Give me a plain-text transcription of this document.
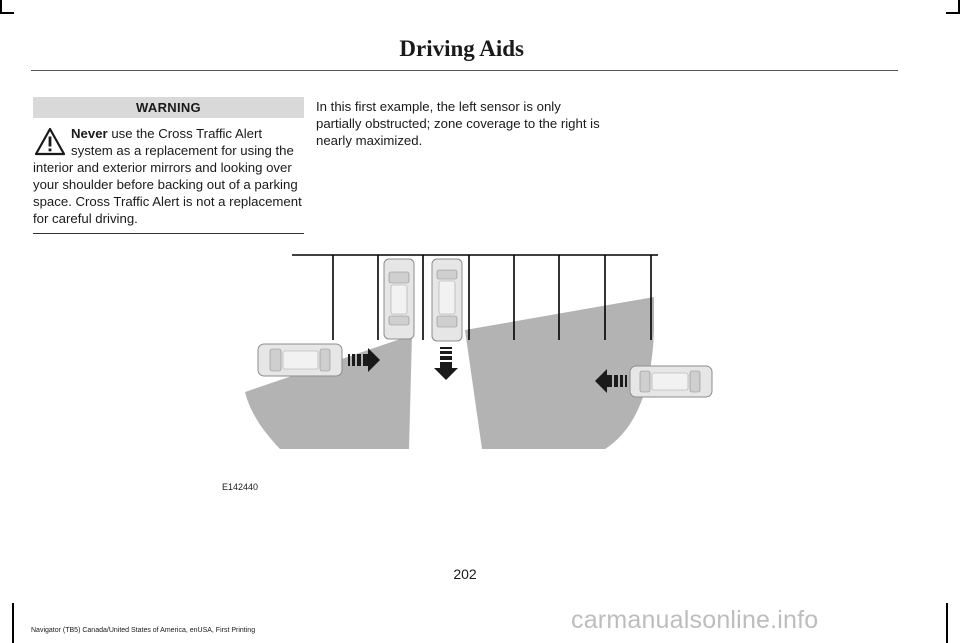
Driving Aids
WARNING
Never use the Cross Traffic Alert system as a replacement for using the interior and exterior mirrors and looking over your shoulder before backing out of a parking space. Cross Traffic Alert is not a replacement for careful driving.
In this first example, the left sensor is only partially obstructed; zone coverage to the right is nearly maximized.
E142440
202
Navigator (TB5) Canada/United States of America, enUSA, First Printing	carmanualsonline.info
